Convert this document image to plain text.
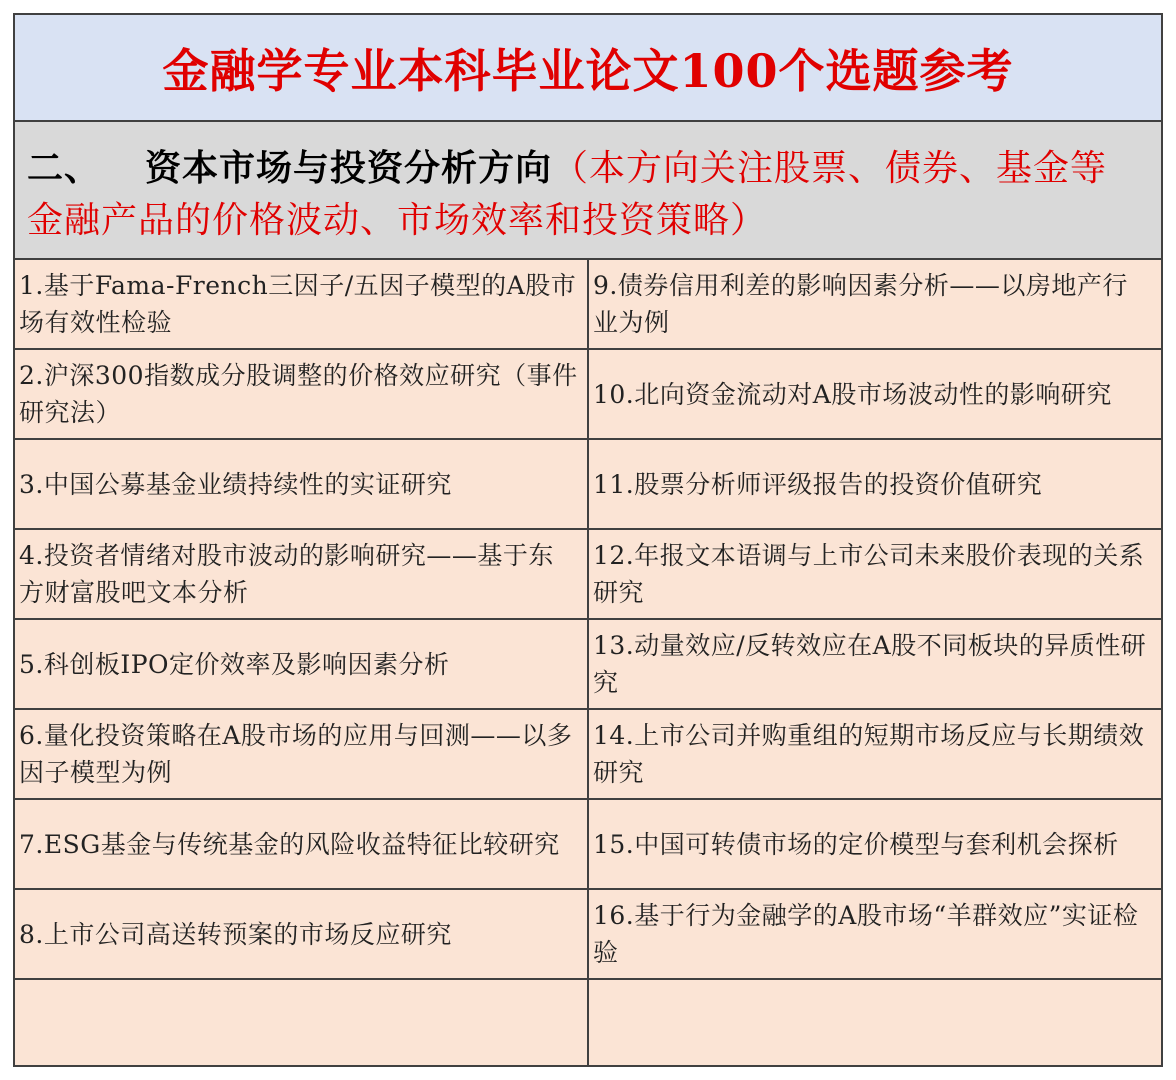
金融学专业本科毕业论文100个选题参考
二、 资本市场与投资分析方向（本方向关注股票、债券、基金等金融产品的价格波动、市场效率和投资策略）
1.基于Fama-French三因子/五因子模型的A股市场有效性检验
2.沪深300指数成分股调整的价格效应研究（事件研究法）
3.中国公募基金业绩持续性的实证研究
4.投资者情绪对股市波动的影响研究——基于东方财富股吧文本分析
5.科创板IPO定价效率及影响因素分析
6.量化投资策略在A股市场的应用与回测——以多因子模型为例
7.ESG基金与传统基金的风险收益特征比较研究
8.上市公司高送转预案的市场反应研究
9.债券信用利差的影响因素分析——以房地产行业为例
10.北向资金流动对A股市场波动性的影响研究
11.股票分析师评级报告的投资价值研究
12.年报文本语调与上市公司未来股价表现的关系研究
13.动量效应/反转效应在A股不同板块的异质性研究
14.上市公司并购重组的短期市场反应与长期绩效研究
15.中国可转债市场的定价模型与套利机会探析
16.基于行为金融学的A股市场“羊群效应”实证检验
